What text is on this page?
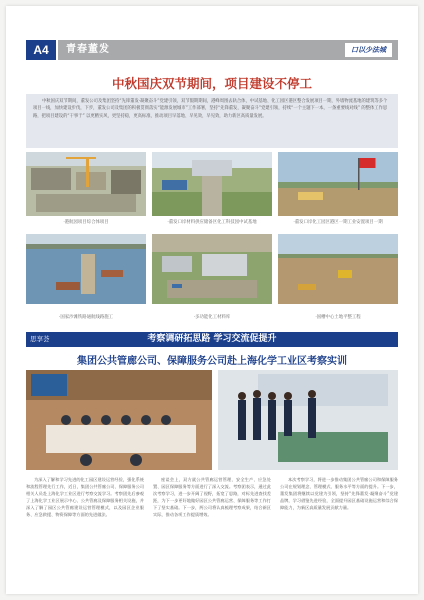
A4	青春董发	口以少法城
中秋国庆双节期间，项目建设不停工
中秋国庆双节期间，董发公司及集团坚持“先锋董发·凝聚奋斗”党建引领，双节假期期间，港峰周围去轨合体，中试基地、化工园区港区整合发展项目一期，外墙物流基地的建筑等多个项目一线，加快建设步伐，下步，董发公司及集团的积极贯彻落实“能源发展城市”工作部署，坚持“先锋董发，凝聚奋斗”党建引领，持续“一个主题下一本，一条重要线对线” 的整体工作思路，把项目建设的“干事于” 以更精实风，更坚持稳，更高标准，推动项目早落地、早见效，早见效，助力新区高质量发展。
·港航园项目综合体项目	·董发口岸材料供应储备区化工科技园中试基地	·董发口岸化工园区港区一期工业安置项目一期
·国家沙滩铁路通航线路施工	·多功能化工材料库	·国槽中心土地平整工程
思享荟	考察调研拓思路 学习交流促提升
集团公共管廊公司、保障服务公司赴上海化学工业区考察实训
为深入了解和学习先进的化工园区建设运营经验，强化系统和流程管理先行工作，近日，集团公共管廊公司、保障服务公司相关人员赴上海化学工业区进行考察交流学习。考察团先后参观了上海化学工业区展示中心、公共管廊及保障服务相关设施，并深入了解了园区公共管廊建设运营管理模式，以及园区企业服务、应急救援、物资保障等方面的先进做法。
座谈会上，双方就公共管廊运营管理、安全生产、应急处置、园区保障服务等方面进行了深入交流。考察团表示，通过此次考察学习，进一步开阔了视野，拓宽了思路，对标先进查找差距，为下一步更好地做好园区公共管廊运营、保障服务等工作打下了坚实基础。下一步，两公司将认真梳理考察成果，结合新区实际，推动各项工作提质增效。
本次考察学习，将进一步推动集团公共管廊公司和保障服务公司在规划理念、管理模式、服务水平等方面的提升。下一步，董发集团将继续以党建为引领，坚持“先锋董发·凝聚奋斗”党建品牌，学习借鉴先进经验，全面提升园区基础设施运营和综合保障能力，为新区高质量发展贡献力量。
